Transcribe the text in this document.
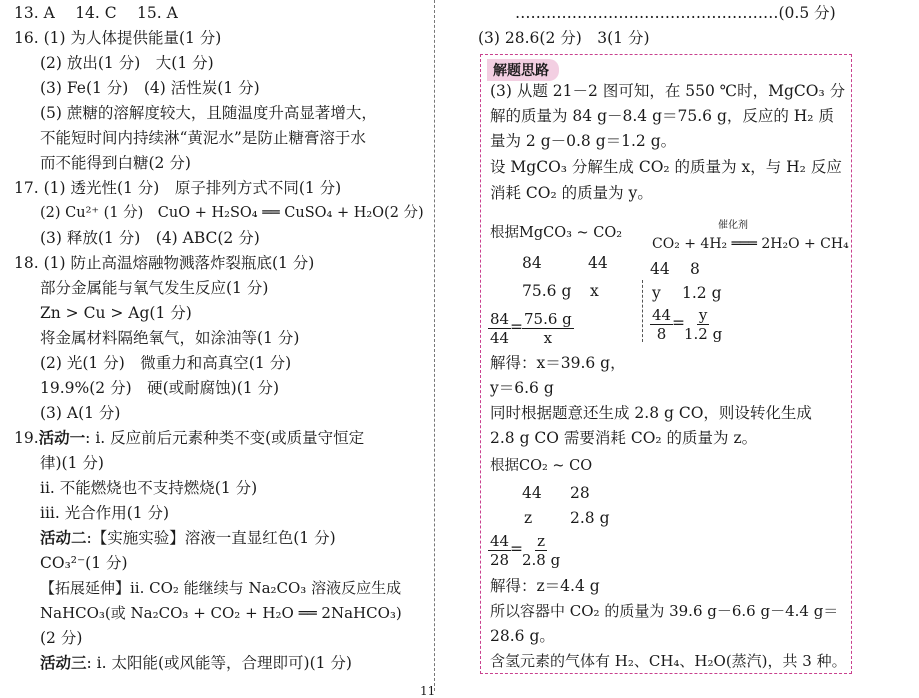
13. A　 14. C　 15. A
16. (1) 为人体提供能量(1 分)
(2) 放出(1 分)　大(1 分)
(3) Fe(1 分)　(4) 活性炭(1 分)
(5) 蔗糖的溶解度较大，且随温度升高显著增大，
不能短时间内持续淋“黄泥水”是防止糖膏溶于水
而不能得到白糖(2 分)
17. (1) 透光性(1 分)　原子排列方式不同(1 分)
(2) Cu²⁺ (1 分)　CuO + H₂SO₄ ══ CuSO₄ + H₂O(2 分)
(3) 释放(1 分)　(4) ABC(2 分)
18. (1) 防止高温熔融物溅落炸裂瓶底(1 分)
部分金属能与氧气发生反应(1 分)
Zn > Cu > Ag(1 分)
将金属材料隔绝氧气，如涂油等(1 分)
(2) 光(1 分)　微重力和高真空(1 分)
19.9%(2 分)　硬(或耐腐蚀)(1 分)
(3) A(1 分)
19.活动一: i. 反应前后元素种类不变(或质量守恒定
律)(1 分)
ii. 不能燃烧也不支持燃烧(1 分)
iii. 光合作用(1 分)
活动二:【实施实验】溶液一直显红色(1 分)
CO₃²⁻(1 分)
【拓展延伸】ii. CO₂ 能继续与 Na₂CO₃ 溶液反应生成
NaHCO₃(或 Na₂CO₃ + CO₂ + H₂O ══ 2NaHCO₃)
(2 分)
活动三: i. 太阳能(或风能等，合理即可)(1 分)
……………………………………………(0.5 分)
(3) 28.6(2 分)　3(1 分)
解题思路
(3) 从题 21－2 图可知，在 550 ℃时，MgCO₃ 分
解的质量为 84 g－8.4 g＝75.6 g，反应的 H₂ 质
量为 2 g－0.8 g＝1.2 g。
设 MgCO₃ 分解生成 CO₂ 的质量为 x，与 H₂ 反应
消耗 CO₂ 的质量为 y。
根据MgCO₃ ~ CO₂
84	44
75.6 g x
$\frac{84}{44}$
= $\frac{75.6 g}{x}$
催化剂
CO₂ + 4H₂ ═══ 2H₂O + CH₄
44 8
y 1.2 g
$\frac{44}{8}$
= $\frac{y}{1.2 g}$
解得：x＝39.6 g，
y＝6.6 g
同时根据题意还生成 2.8 g CO，则设转化生成
2.8 g CO 需要消耗 CO₂ 的质量为 z。
根据CO₂ ~ CO
44 28
z 2.8 g
$\frac{44}{28}$
= $\frac{z}{2.8 g}$
解得：z＝4.4 g
所以容器中 CO₂ 的质量为 39.6 g－6.6 g－4.4 g＝
28.6 g。
含氢元素的气体有 H₂、CH₄、H₂O(蒸汽)，共 3 种。
11
